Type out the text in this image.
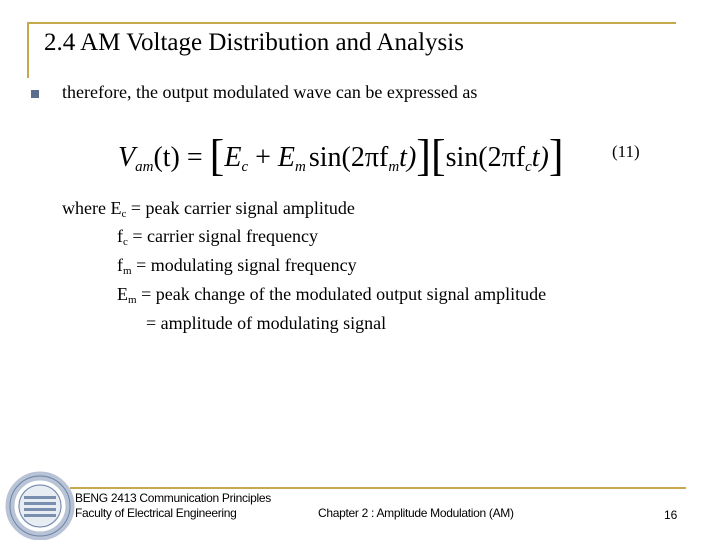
2.4 AM Voltage Distribution and Analysis
therefore, the output modulated wave can be expressed as
Vam(t) = [Ec + Em sin(2πfmt)][sin(2πfct)]	(11)
where $E_c$ = peak carrier signal amplitude
$f_c$ = carrier signal frequency
$f_m$ = modulating signal frequency
$E_m$ = peak change of the modulated output signal amplitude
= amplitude of modulating signal
BENG 2413 Communication Principles
Faculty of Electrical Engineering	Chapter 2 : Amplitude Modulation (AM)	16
